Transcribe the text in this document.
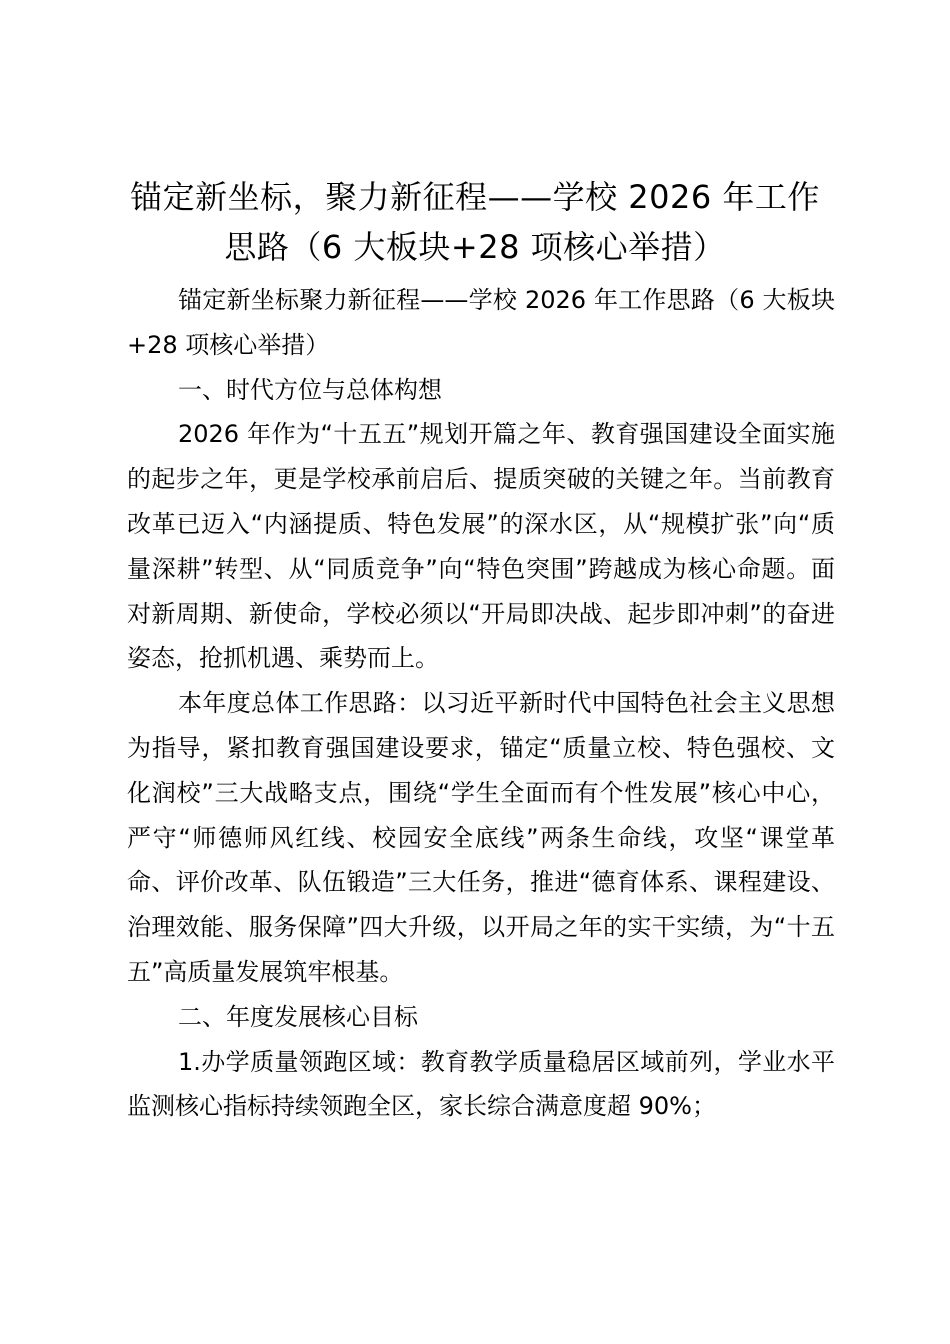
锚定新坐标，聚力新征程——学校 2026 年工作思路（6 大板块+28 项核心举措）

锚定新坐标聚力新征程——学校 2026 年工作思路（6 大板块+28 项核心举措）

一、时代方位与总体构想

2026 年作为“十五五”规划开篇之年、教育强国建设全面实施的起步之年，更是学校承前启后、提质突破的关键之年。当前教育改革已迈入“内涵提质、特色发展”的深水区，从“规模扩张”向“质量深耕”转型、从“同质竞争”向“特色突围”跨越成为核心命题。面对新周期、新使命，学校必须以“开局即决战、起步即冲刺”的奋进姿态，抢抓机遇、乘势而上。

本年度总体工作思路：以习近平新时代中国特色社会主义思想为指导，紧扣教育强国建设要求，锚定“质量立校、特色强校、文化润校”三大战略支点，围绕“学生全面而有个性发展”核心中心，严守“师德师风红线、校园安全底线”两条生命线，攻坚“课堂革命、评价改革、队伍锻造”三大任务，推进“德育体系、课程建设、治理效能、服务保障”四大升级，以开局之年的实干实绩，为“十五五”高质量发展筑牢根基。

二、年度发展核心目标

1.办学质量领跑区域：教育教学质量稳居区域前列，学业水平监测核心指标持续领跑全区，家长综合满意度超 90%；
